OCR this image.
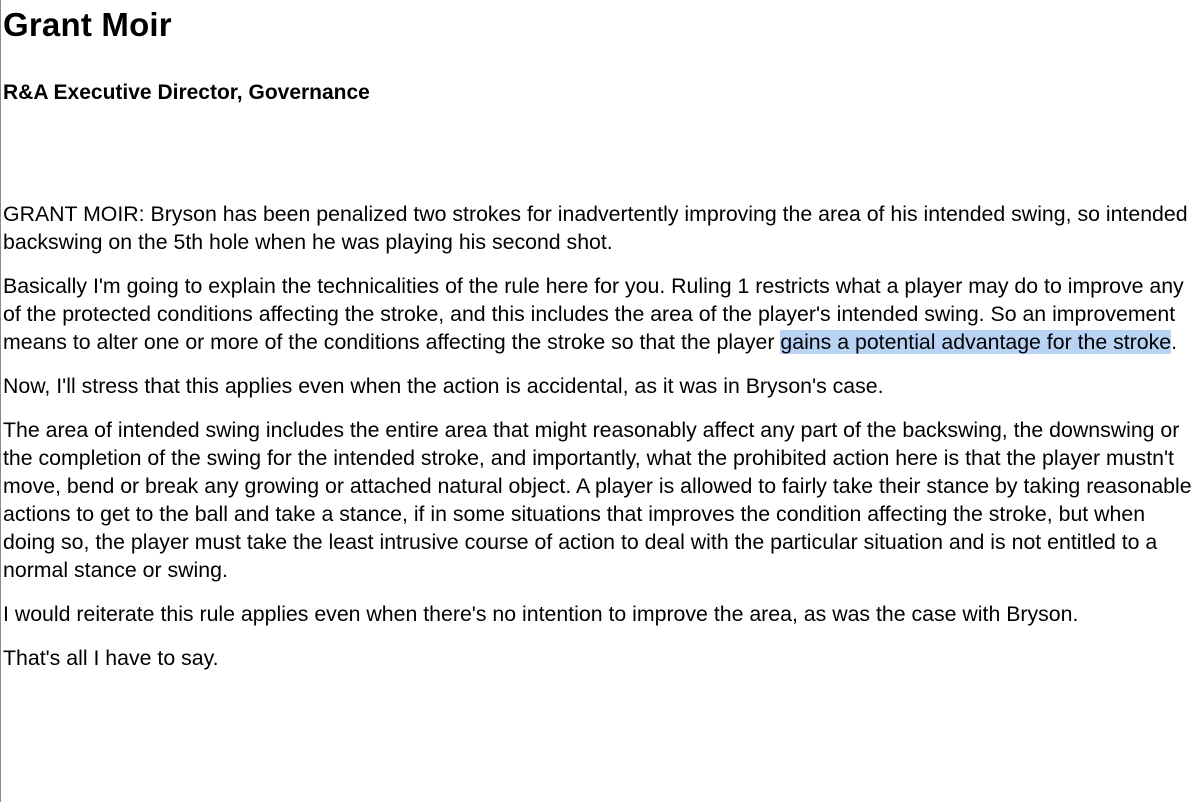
Grant Moir
R&A Executive Director, Governance

GRANT MOIR: Bryson has been penalized two strokes for inadvertently improving the area of his intended swing, so intended backswing on the 5th hole when he was playing his second shot.

Basically I'm going to explain the technicalities of the rule here for you. Ruling 1 restricts what a player may do to improve any of the protected conditions affecting the stroke, and this includes the area of the player's intended swing. So an improvement means to alter one or more of the conditions affecting the stroke so that the player gains a potential advantage for the stroke.

Now, I'll stress that this applies even when the action is accidental, as it was in Bryson's case.

The area of intended swing includes the entire area that might reasonably affect any part of the backswing, the downswing or the completion of the swing for the intended stroke, and importantly, what the prohibited action here is that the player mustn't move, bend or break any growing or attached natural object. A player is allowed to fairly take their stance by taking reasonable actions to get to the ball and take a stance, if in some situations that improves the condition affecting the stroke, but when doing so, the player must take the least intrusive course of action to deal with the particular situation and is not entitled to a normal stance or swing.

I would reiterate this rule applies even when there's no intention to improve the area, as was the case with Bryson.

That's all I have to say.
